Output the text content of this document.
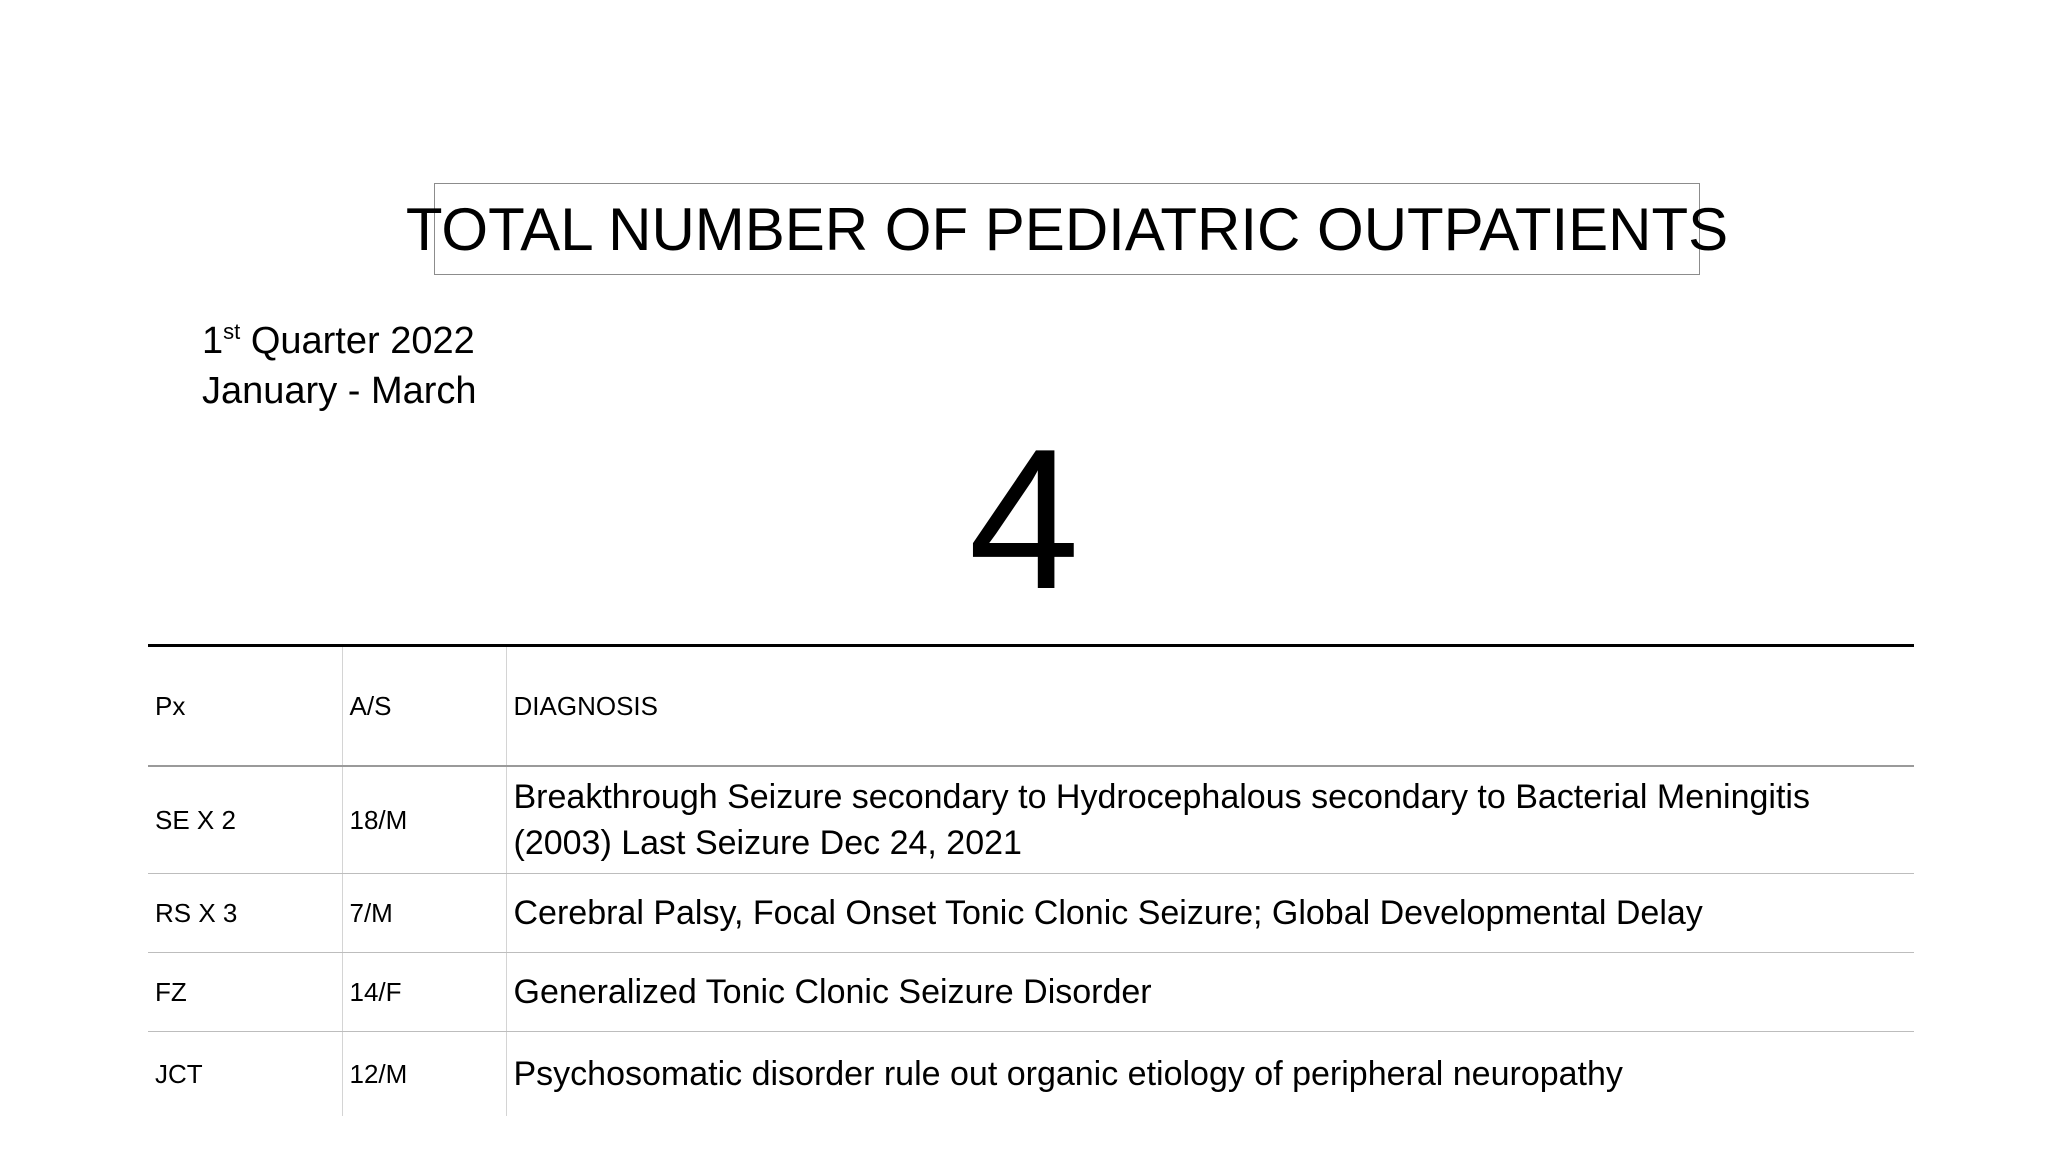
TOTAL NUMBER OF PEDIATRIC OUTPATIENTS
1st Quarter 2022
January - March
4
Px	A/S	DIAGNOSIS
SE X 2	18/M	Breakthrough Seizure secondary to Hydrocephalous secondary to Bacterial Meningitis (2003) Last Seizure Dec 24, 2021
RS X 3	7/M	Cerebral Palsy, Focal Onset Tonic Clonic Seizure; Global Developmental Delay
FZ	14/F	Generalized Tonic Clonic Seizure Disorder
JCT	12/M	Psychosomatic disorder rule out organic etiology of peripheral neuropathy
